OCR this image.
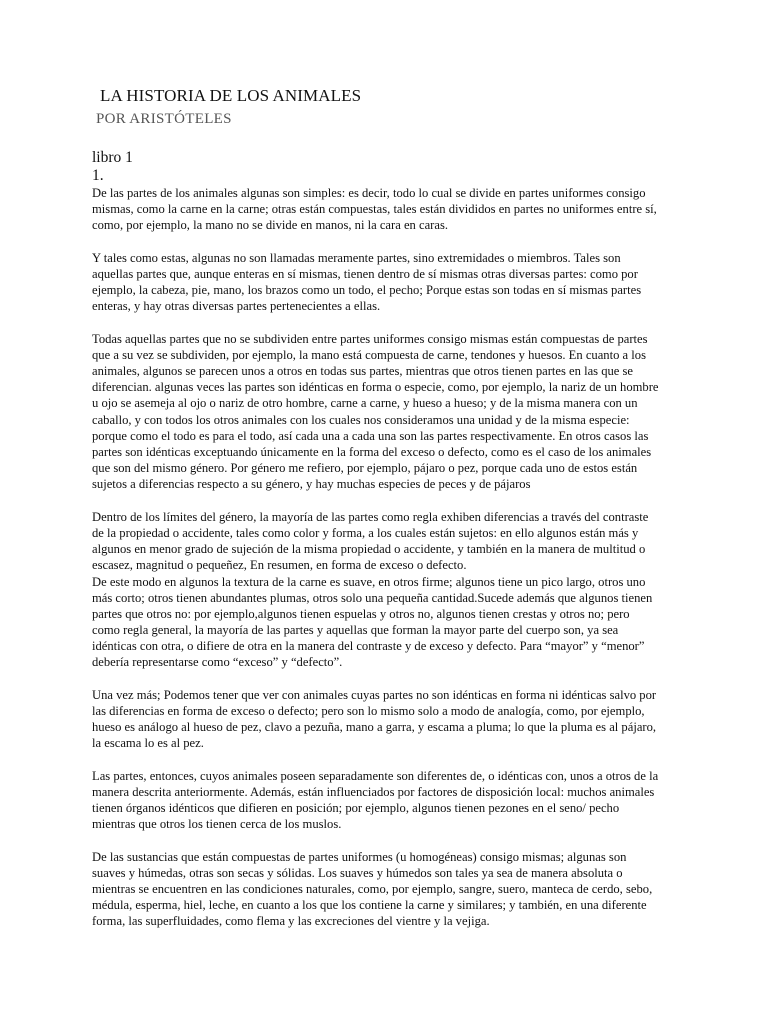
LA HISTORIA DE LOS ANIMALES
POR ARISTÓTELES
libro 1
1.
De las partes de los animales algunas son simples: es decir, todo lo cual se divide en partes uniformes consigo
mismas, como la carne en la carne; otras están compuestas, tales están divididos en partes no uniformes entre sí,
como, por ejemplo, la mano no se divide en manos, ni la cara en caras.
Y tales como estas, algunas no son llamadas meramente partes, sino extremidades o miembros. Tales son
aquellas partes que, aunque enteras en sí mismas, tienen dentro de sí mismas otras diversas partes: como por
ejemplo, la cabeza, pie, mano, los brazos como un todo, el pecho; Porque estas son todas en sí mismas partes
enteras, y hay otras diversas partes pertenecientes a ellas.
Todas aquellas partes que no se subdividen entre partes uniformes consigo mismas están compuestas de partes
que a su vez se subdividen, por ejemplo, la mano está compuesta de carne, tendones y huesos. En cuanto a los
animales, algunos se parecen unos a otros en todas sus partes, mientras que otros tienen partes en las que se
diferencian. algunas veces las partes son idénticas en forma o especie, como, por ejemplo, la nariz de un hombre
u ojo se asemeja al ojo o nariz de otro hombre, carne a carne, y hueso a hueso; y de la misma manera con un
caballo, y con todos los otros animales con los cuales nos consideramos una unidad y de la misma especie:
porque como el todo es para el todo, así cada una a cada una son las partes respectivamente. En otros casos las
partes son idénticas exceptuando únicamente en la forma del exceso o defecto, como es el caso de los animales
que son del mismo género. Por género me refiero, por ejemplo, pájaro o pez, porque cada uno de estos están
sujetos a diferencias respecto a su género, y hay muchas especies de peces y de pájaros
Dentro de los límites del género, la mayoría de las partes como regla exhiben diferencias a través del contraste
de la propiedad o accidente, tales como color y forma, a los cuales están sujetos: en ello algunos están más y
algunos en menor grado de sujeción de la misma propiedad o accidente, y también en la manera de multitud o
escasez, magnitud o pequeñez, En resumen, en forma de exceso o defecto.
De este modo en algunos la textura de la carne es suave, en otros firme; algunos tiene un pico largo, otros uno
más corto; otros tienen abundantes plumas, otros solo una pequeña cantidad.Sucede además que algunos tienen
partes que otros no: por ejemplo,algunos tienen espuelas y otros no, algunos tienen crestas y otros no; pero
como regla general, la mayoría de las partes y aquellas que forman la mayor parte del cuerpo son, ya sea
idénticas con otra, o difiere de otra en la manera del contraste y de exceso y defecto. Para “mayor” y “menor”
debería representarse como “exceso” y “defecto”.
Una vez más; Podemos tener que ver con animales cuyas partes no son idénticas en forma ni idénticas salvo por
las diferencias en forma de exceso o defecto; pero son lo mismo solo a modo de analogía, como, por ejemplo,
hueso es análogo al hueso de pez, clavo a pezuña, mano a garra, y escama a pluma; lo que la pluma es al pájaro,
la escama lo es al pez.
Las partes, entonces, cuyos animales poseen separadamente son diferentes de, o idénticas con, unos a otros de la
manera descrita anteriormente. Además, están influenciados por factores de disposición local: muchos animales
tienen órganos idénticos que difieren en posición; por ejemplo, algunos tienen pezones en el seno/ pecho
mientras que otros los tienen cerca de los muslos.
De las sustancias que están compuestas de partes uniformes (u homogéneas) consigo mismas; algunas son
suaves y húmedas, otras son secas y sólidas. Los suaves y húmedos son tales ya sea de manera absoluta o
mientras se encuentren en las condiciones naturales, como, por ejemplo, sangre, suero, manteca de cerdo, sebo,
médula, esperma, hiel, leche, en cuanto a los que los contiene la carne y similares; y también, en una diferente
forma, las superfluidades, como flema y las excreciones del vientre y la vejiga.
